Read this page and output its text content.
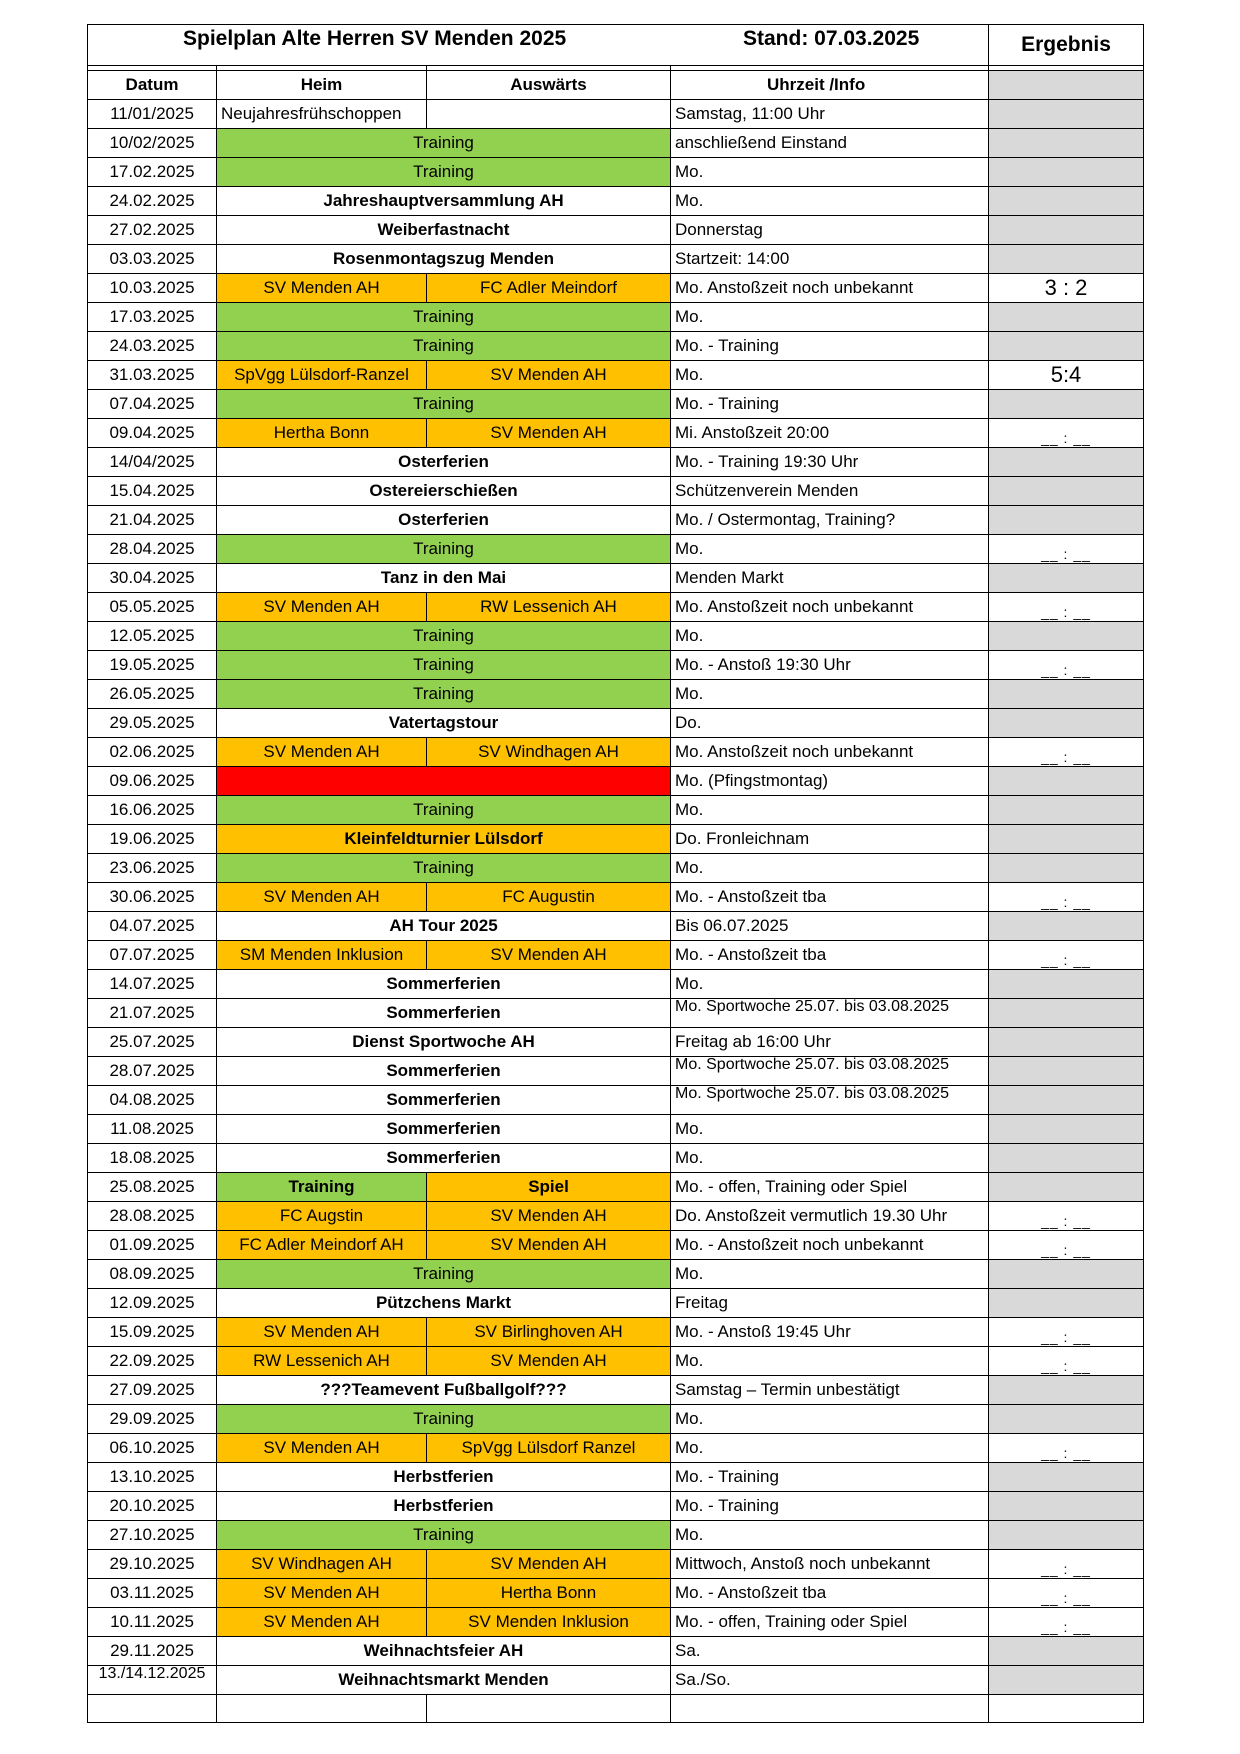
Spielplan Alte Herren SV Menden 2025 Stand: 07.03.2025				Ergebnis

Datum	Heim	Auswärts	Uhrzeit /Info	
11/01/2025	Neujahresfrühschoppen		Samstag, 11:00 Uhr	
10/02/2025	Training		anschließend Einstand	
17.02.2025	Training		Mo.	
24.02.2025	Jahreshauptversammlung AH		Mo.	
27.02.2025	Weiberfastnacht		Donnerstag	
03.03.2025	Rosenmontagszug Menden		Startzeit: 14:00	
10.03.2025	SV Menden AH	FC Adler Meindorf	Mo. Anstoßzeit noch unbekannt	3 : 2
17.03.2025	Training		Mo.	
24.03.2025	Training		Mo. - Training	
31.03.2025	SpVgg Lülsdorf-Ranzel	SV Menden AH	Mo.	5:4
07.04.2025	Training		Mo. - Training	
09.04.2025	Hertha Bonn	SV Menden AH	Mi. Anstoßzeit 20:00	__ : __
14/04/2025	Osterferien		Mo. - Training 19:30 Uhr	
15.04.2025	Ostereierschießen		Schützenverein Menden	
21.04.2025	Osterferien		Mo. / Ostermontag, Training?	
28.04.2025	Training		Mo.	__ : __
30.04.2025	Tanz in den Mai		Menden Markt	
05.05.2025	SV Menden AH	RW Lessenich AH	Mo. Anstoßzeit noch unbekannt	__ : __
12.05.2025	Training		Mo.	
19.05.2025	Training		Mo. - Anstoß 19:30 Uhr	__ : __
26.05.2025	Training		Mo.	
29.05.2025	Vatertagstour		Do.	
02.06.2025	SV Menden AH	SV Windhagen AH	Mo. Anstoßzeit noch unbekannt	__ : __
09.06.2025			Mo. (Pfingstmontag)	
16.06.2025	Training		Mo.	
19.06.2025	Kleinfeldturnier Lülsdorf		Do. Fronleichnam	
23.06.2025	Training		Mo.	
30.06.2025	SV Menden AH	FC Augustin	Mo. - Anstoßzeit tba	__ : __
04.07.2025	AH Tour 2025		Bis 06.07.2025	
07.07.2025	SM Menden Inklusion	SV Menden AH	Mo. - Anstoßzeit tba	__ : __
14.07.2025	Sommerferien		Mo.	
21.07.2025	Sommerferien		Mo. Sportwoche 25.07. bis 03.08.2025	
25.07.2025	Dienst Sportwoche AH		Freitag ab 16:00 Uhr	
28.07.2025	Sommerferien		Mo. Sportwoche 25.07. bis 03.08.2025	
04.08.2025	Sommerferien		Mo. Sportwoche 25.07. bis 03.08.2025	
11.08.2025	Sommerferien		Mo.	
18.08.2025	Sommerferien		Mo.	
25.08.2025	Training	Spiel	Mo. - offen, Training oder Spiel	
28.08.2025	FC Augstin	SV Menden AH	Do. Anstoßzeit vermutlich 19.30 Uhr	__ : __
01.09.2025	FC Adler Meindorf AH	SV Menden AH	Mo. - Anstoßzeit noch unbekannt	__ : __
08.09.2025	Training		Mo.	
12.09.2025	Pützchens Markt		Freitag	
15.09.2025	SV Menden AH	SV Birlinghoven AH	Mo. - Anstoß 19:45 Uhr	__ : __
22.09.2025	RW Lessenich AH	SV Menden AH	Mo.	__ : __
27.09.2025	???Teamevent Fußballgolf???		Samstag – Termin unbestätigt	
29.09.2025	Training		Mo.	
06.10.2025	SV Menden AH	SpVgg Lülsdorf Ranzel	Mo.	__ : __
13.10.2025	Herbstferien		Mo. - Training	
20.10.2025	Herbstferien		Mo. - Training	
27.10.2025	Training		Mo.	
29.10.2025	SV Windhagen AH	SV Menden AH	Mittwoch, Anstoß noch unbekannt	__ : __
03.11.2025	SV Menden AH	Hertha Bonn	Mo. - Anstoßzeit tba	__ : __
10.11.2025	SV Menden AH	SV Menden Inklusion	Mo. - offen, Training oder Spiel	__ : __
29.11.2025	Weihnachtsfeier AH		Sa.	
13./14.12.2025	Weihnachtsmarkt Menden		Sa./So.	
